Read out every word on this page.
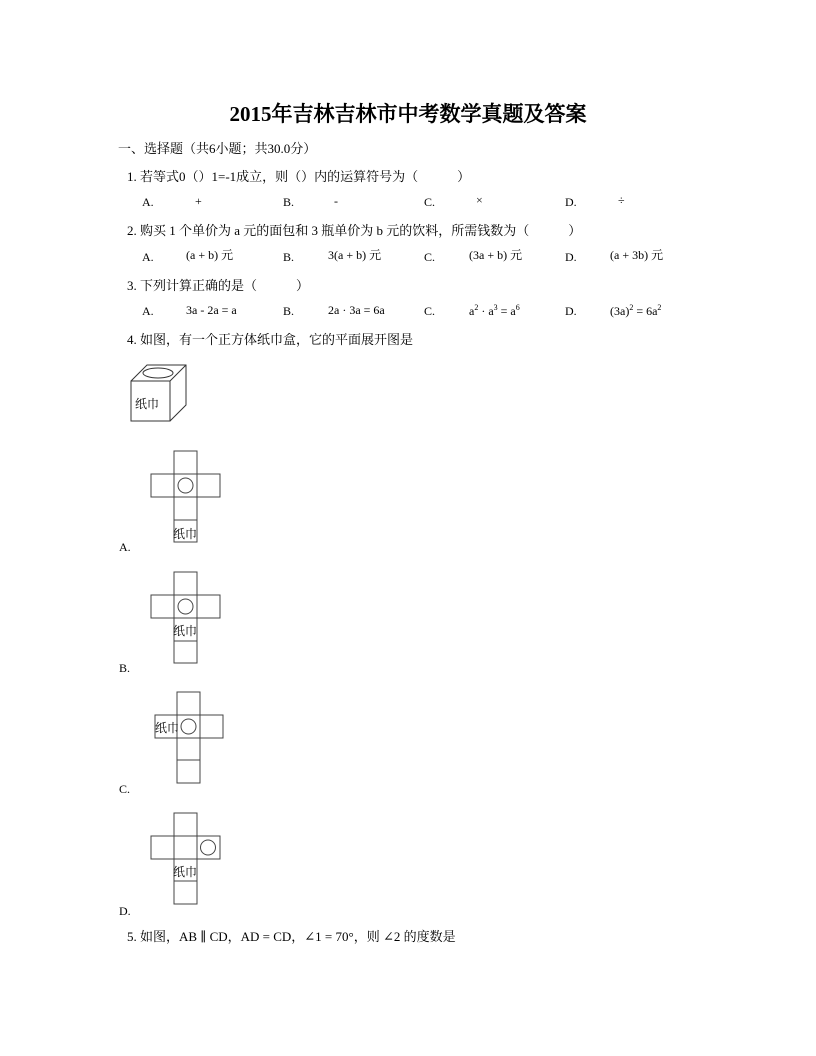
2015年吉林吉林市中考数学真题及答案
一、选择题（共6小题；共30.0分）
1. 若等式0（）1=-1成立，则（）内的运算符号为（　　　）
A.	+	B.	-	C.	×	D.	÷
2. 购买 1 个单价为 a 元的面包和 3 瓶单价为 b 元的饮料，所需钱数为（　　　）
A.	(a + b) 元	B.	3(a + b) 元	C.	(3a + b) 元	D.	(a + 3b) 元
3. 下列计算正确的是（　　　）
A.	3a - 2a = a	B.	2a · 3a = 6a	C.	$a^2 \cdot a^3 = a^6$	D.	$(3a)^2 = 6a^2$
4. 如图，有一个正方体纸巾盒，它的平面展开图是
纸巾
纸巾
A.
纸巾
B.
纸巾
C.
纸巾
D.
5. 如图，AB ∥ CD，AD = CD，∠1 = 70°，则 ∠2 的度数是
